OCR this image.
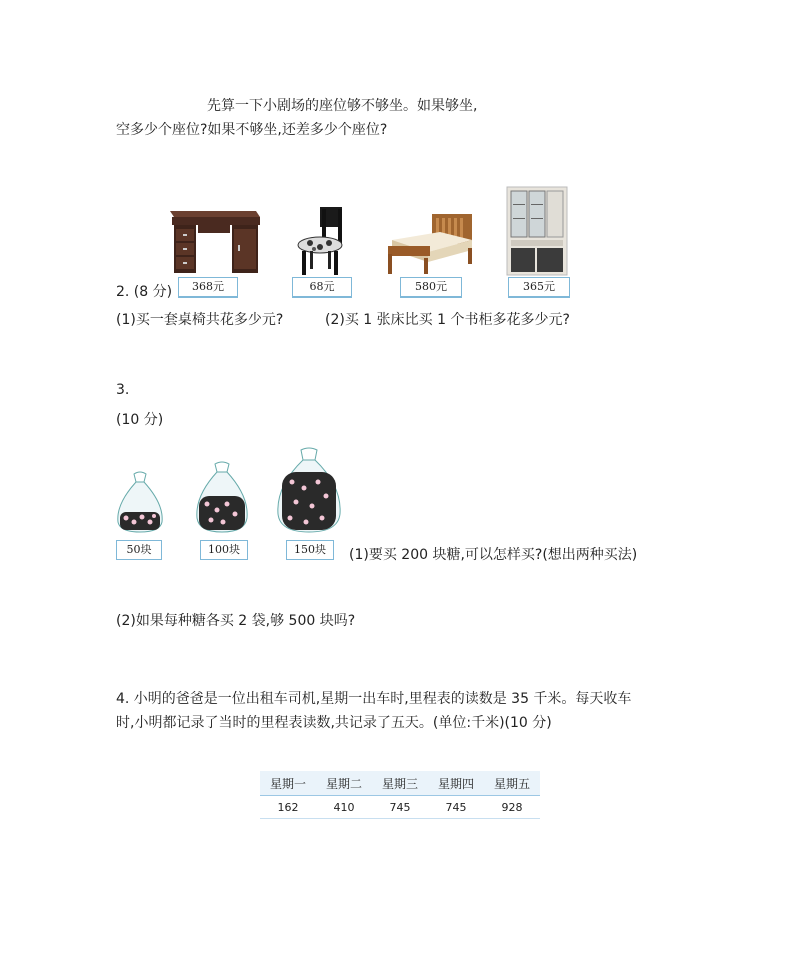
先算一下小剧场的座位够不够坐。如果够坐,
空多少个座位?如果不够坐,还差多少个座位?
368元	68元	580元	365元
2. (8 分)
(1)买一套桌椅共花多少元?	(2)买 1 张床比买 1 个书柜多花多少元?
3.
(10 分)
50块	100块	150块	(1)要买 200 块糖,可以怎样买?(想出两种买法)
(2)如果每种糖各买 2 袋,够 500 块吗?
4. 小明的爸爸是一位出租车司机,星期一出车时,里程表的读数是 35 千米。每天收车
时,小明都记录了当时的里程表读数,共记录了五天。(单位:千米)(10 分)
星期一	星期二	星期三	星期四	星期五
162	410	745	745	928
